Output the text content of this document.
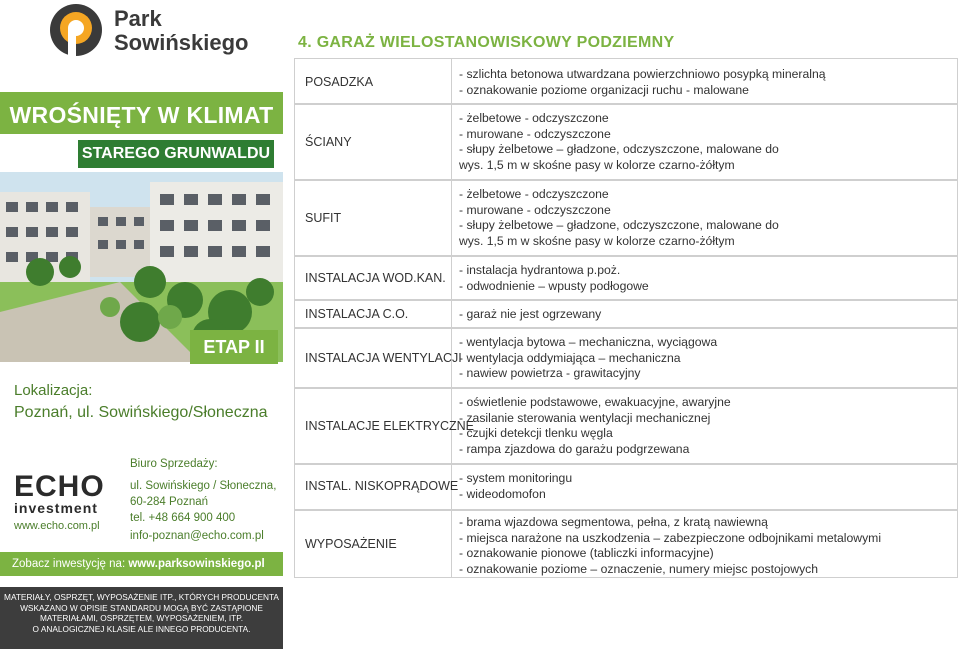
Park
Sowińskiego
WROŚNIĘTY W KLIMAT
STAREGO GRUNWALDU
ETAP II
Lokalizacja:
Poznań, ul. Sowińskiego/Słoneczna
ECHO
investment
www.echo.com.pl
Biuro Sprzedaży:
ul. Sowińskiego / Słoneczna,
60-284 Poznań
tel. +48 664 900 400
info-poznan@echo.com.pl
Zobacz inwestycję na: www.parksowinskiego.pl
MATERIAŁY, OSPRZĘT, WYPOSAŻENIE ITP., KTÓRYCH PRODUCENTA
WSKAZANO W OPISIE STANDARDU MOGĄ BYĆ ZASTĄPIONE
MATERIAŁAMI, OSPRZĘTEM, WYPOSAŻENIEM, ITP.
O ANALOGICZNEJ KLASIE ALE INNEGO PRODUCENTA.
4. GARAŻ WIELOSTANOWISKOWY PODZIEMNY
POSADZKA
- szlichta betonowa utwardzana powierzchniowo posypką mineralną
- oznakowanie poziome organizacji ruchu - malowane
ŚCIANY
- żelbetowe - odczyszczone
- murowane - odczyszczone
- słupy żelbetowe – gładzone, odczyszczone, malowane do
wys. 1,5 m w skośne pasy w kolorze czarno-żółtym
SUFIT
- żelbetowe - odczyszczone
- murowane - odczyszczone
- słupy żelbetowe – gładzone, odczyszczone, malowane do
wys. 1,5 m w skośne pasy w kolorze czarno-żółtym
INSTALACJA WOD.KAN.
- instalacja hydrantowa p.poż.
- odwodnienie – wpusty podłogowe
INSTALACJA C.O.	- garaż nie jest ogrzewany
INSTALACJA WENTYLACJI
- wentylacja bytowa – mechaniczna, wyciągowa
- wentylacja oddymiająca – mechaniczna
- nawiew powietrza - grawitacyjny
INSTALACJE ELEKTRYCZNE
- oświetlenie podstawowe, ewakuacyjne, awaryjne
- zasilanie sterowania wentylacji mechanicznej
- czujki detekcji tlenku węgla
- rampa zjazdowa do garażu podgrzewana
INSTAL. NISKOPRĄDOWE
- system monitoringu
- wideodomofon
WYPOSAŻENIE
- brama wjazdowa segmentowa, pełna, z kratą nawiewną
- miejsca narażone na uszkodzenia – zabezpieczone odbojnikami metalowymi
- oznakowanie pionowe (tabliczki informacyjne)
- oznakowanie poziome – oznaczenie, numery miejsc postojowych
